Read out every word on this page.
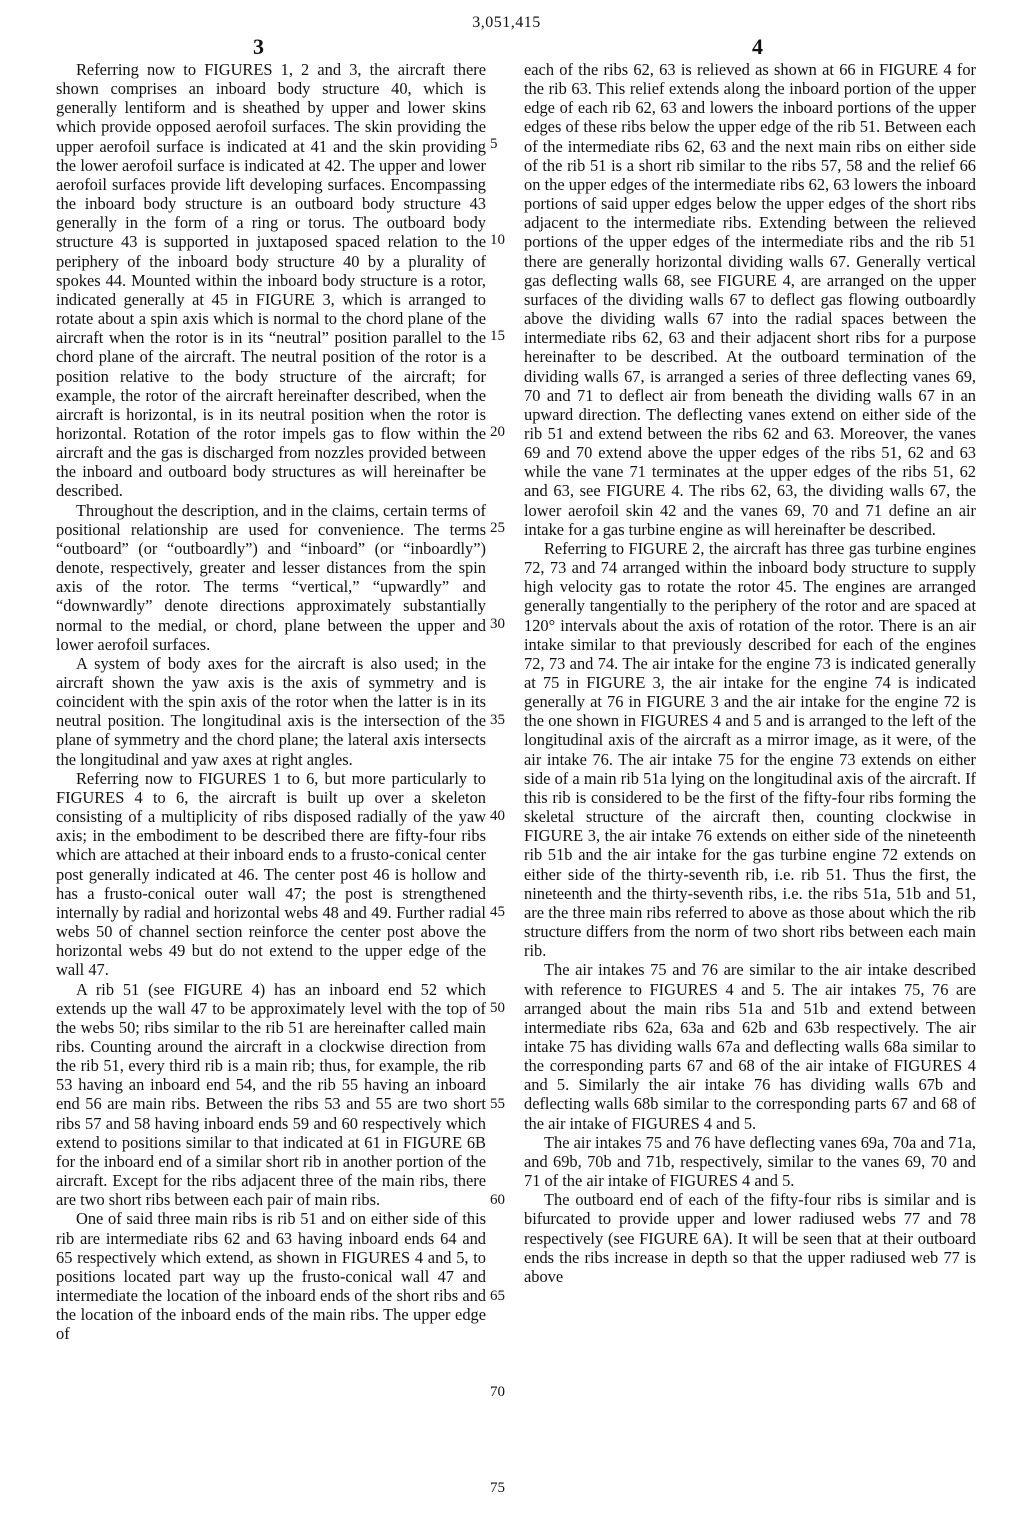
3,051,415
3	4

Referring now to FIGURES 1, 2 and 3, the aircraft there shown comprises an inboard body structure 40, which is generally lentiform and is sheathed by upper and lower skins which provide opposed aerofoil surfaces. The skin providing the upper aerofoil surface is indicated at 41 and the skin providing the lower aerofoil surface is indicated at 42. The upper and lower aerofoil surfaces provide lift developing surfaces. Encompassing the inboard body structure is an outboard body structure 43 generally in the form of a ring or torus. The outboard body structure 43 is supported in juxtaposed spaced relation to the periphery of the inboard body structure 40 by a plurality of spokes 44. Mounted within the inboard body structure is a rotor, indicated generally at 45 in FIGURE 3, which is arranged to rotate about a spin axis which is normal to the chord plane of the aircraft when the rotor is in its “neutral” position parallel to the chord plane of the aircraft. The neutral position of the rotor is a position relative to the body structure of the aircraft; for example, the rotor of the aircraft hereinafter described, when the aircraft is horizontal, is in its neutral position when the rotor is horizontal. Rotation of the rotor impels gas to flow within the aircraft and the gas is discharged from nozzles provided between the inboard and outboard body structures as will hereinafter be described.

Throughout the description, and in the claims, certain terms of positional relationship are used for convenience. The terms “outboard” (or “outboardly”) and “inboard” (or “inboardly”) denote, respectively, greater and lesser distances from the spin axis of the rotor. The terms “vertical,” “upwardly” and “downwardly” denote directions approximately substantially normal to the medial, or chord, plane between the upper and lower aerofoil surfaces.

A system of body axes for the aircraft is also used; in the aircraft shown the yaw axis is the axis of symmetry and is coincident with the spin axis of the rotor when the latter is in its neutral position. The longitudinal axis is the intersection of the plane of symmetry and the chord plane; the lateral axis intersects the longitudinal and yaw axes at right angles.

Referring now to FIGURES 1 to 6, but more particularly to FIGURES 4 to 6, the aircraft is built up over a skeleton consisting of a multiplicity of ribs disposed radially of the yaw axis; in the embodiment to be described there are fifty-four ribs which are attached at their inboard ends to a frusto-conical center post generally indicated at 46. The center post 46 is hollow and has a frusto-conical outer wall 47; the post is strengthened internally by radial and horizontal webs 48 and 49. Further radial webs 50 of channel section reinforce the center post above the horizontal webs 49 but do not extend to the upper edge of the wall 47.

A rib 51 (see FIGURE 4) has an inboard end 52 which extends up the wall 47 to be approximately level with the top of the webs 50; ribs similar to the rib 51 are hereinafter called main ribs. Counting around the aircraft in a clockwise direction from the rib 51, every third rib is a main rib; thus, for example, the rib 53 having an inboard end 54, and the rib 55 having an inboard end 56 are main ribs. Between the ribs 53 and 55 are two short ribs 57 and 58 having inboard ends 59 and 60 respectively which extend to positions similar to that indicated at 61 in FIGURE 6B for the inboard end of a similar short rib in another portion of the aircraft. Except for the ribs adjacent three of the main ribs, there are two short ribs between each pair of main ribs.

One of said three main ribs is rib 51 and on either side of this rib are intermediate ribs 62 and 63 having inboard ends 64 and 65 respectively which extend, as shown in FIGURES 4 and 5, to positions located part way up the frusto-conical wall 47 and intermediate the location of the inboard ends of the short ribs and the location of the inboard ends of the main ribs. The upper edge of

5
10
15
20
25
30
35
40
45
50
55
60
65
70
75

each of the ribs 62, 63 is relieved as shown at 66 in FIGURE 4 for the rib 63. This relief extends along the inboard portion of the upper edge of each rib 62, 63 and lowers the inboard portions of the upper edges of these ribs below the upper edge of the rib 51. Between each of the intermediate ribs 62, 63 and the next main ribs on either side of the rib 51 is a short rib similar to the ribs 57, 58 and the relief 66 on the upper edges of the intermediate ribs 62, 63 lowers the inboard portions of said upper edges below the upper edges of the short ribs adjacent to the intermediate ribs. Extending between the relieved portions of the upper edges of the intermediate ribs and the rib 51 there are generally horizontal dividing walls 67. Generally vertical gas deflecting walls 68, see FIGURE 4, are arranged on the upper surfaces of the dividing walls 67 to deflect gas flowing outboardly above the dividing walls 67 into the radial spaces between the intermediate ribs 62, 63 and their adjacent short ribs for a purpose hereinafter to be described. At the outboard termination of the dividing walls 67, is arranged a series of three deflecting vanes 69, 70 and 71 to deflect air from beneath the dividing walls 67 in an upward direction. The deflecting vanes extend on either side of the rib 51 and extend between the ribs 62 and 63. Moreover, the vanes 69 and 70 extend above the upper edges of the ribs 51, 62 and 63 while the vane 71 terminates at the upper edges of the ribs 51, 62 and 63, see FIGURE 4. The ribs 62, 63, the dividing walls 67, the lower aerofoil skin 42 and the vanes 69, 70 and 71 define an air intake for a gas turbine engine as will hereinafter be described.

Referring to FIGURE 2, the aircraft has three gas turbine engines 72, 73 and 74 arranged within the inboard body structure to supply high velocity gas to rotate the rotor 45. The engines are arranged generally tangentially to the periphery of the rotor and are spaced at 120° intervals about the axis of rotation of the rotor. There is an air intake similar to that previously described for each of the engines 72, 73 and 74. The air intake for the engine 73 is indicated generally at 75 in FIGURE 3, the air intake for the engine 74 is indicated generally at 76 in FIGURE 3 and the air intake for the engine 72 is the one shown in FIGURES 4 and 5 and is arranged to the left of the longitudinal axis of the aircraft as a mirror image, as it were, of the air intake 76. The air intake 75 for the engine 73 extends on either side of a main rib 51a lying on the longitudinal axis of the aircraft. If this rib is considered to be the first of the fifty-four ribs forming the skeletal structure of the aircraft then, counting clockwise in FIGURE 3, the air intake 76 extends on either side of the nineteenth rib 51b and the air intake for the gas turbine engine 72 extends on either side of the thirty-seventh rib, i.e. rib 51. Thus the first, the nineteenth and the thirty-seventh ribs, i.e. the ribs 51a, 51b and 51, are the three main ribs referred to above as those about which the rib structure differs from the norm of two short ribs between each main rib.

The air intakes 75 and 76 are similar to the air intake described with reference to FIGURES 4 and 5. The air intakes 75, 76 are arranged about the main ribs 51a and 51b and extend between intermediate ribs 62a, 63a and 62b and 63b respectively. The air intake 75 has dividing walls 67a and deflecting walls 68a similar to the corresponding parts 67 and 68 of the air intake of FIGURES 4 and 5. Similarly the air intake 76 has dividing walls 67b and deflecting walls 68b similar to the corresponding parts 67 and 68 of the air intake of FIGURES 4 and 5.

The air intakes 75 and 76 have deflecting vanes 69a, 70a and 71a, and 69b, 70b and 71b, respectively, similar to the vanes 69, 70 and 71 of the air intake of FIGURES 4 and 5.

The outboard end of each of the fifty-four ribs is similar and is bifurcated to provide upper and lower radiused webs 77 and 78 respectively (see FIGURE 6A). It will be seen that at their outboard ends the ribs increase in depth so that the upper radiused web 77 is above
